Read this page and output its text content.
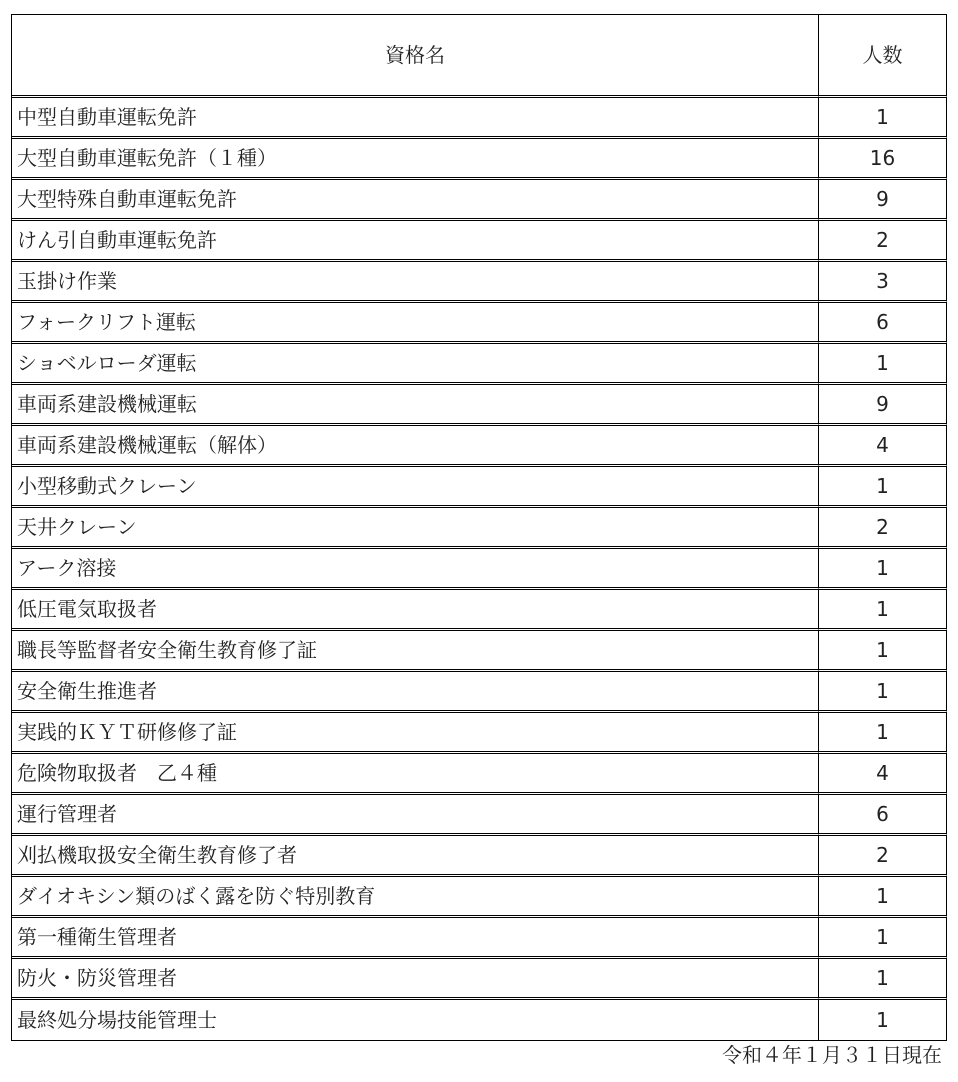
資格名	人数
中型自動車運転免許	1
大型自動車運転免許（１種）	16
大型特殊自動車運転免許	9
けん引自動車運転免許	2
玉掛け作業	3
フォークリフト運転	6
ショベルローダ運転	1
車両系建設機械運転	9
車両系建設機械運転（解体）	4
小型移動式クレーン	1
天井クレーン	2
アーク溶接	1
低圧電気取扱者	1
職長等監督者安全衛生教育修了証	1
安全衛生推進者	1
実践的ＫＹＴ研修修了証	1
危険物取扱者　乙４種	4
運行管理者	6
刈払機取扱安全衛生教育修了者	2
ダイオキシン類のばく露を防ぐ特別教育	1
第一種衛生管理者	1
防火・防災管理者	1
最終処分場技能管理士	1
令和４年１月３１日現在
